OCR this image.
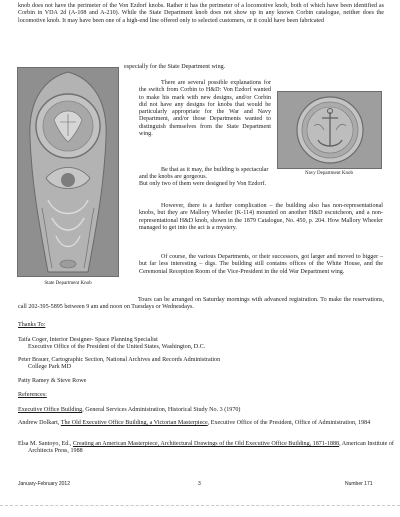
knob does not have the perimeter of the Von Ezdorf knobs. Rather it has the perimeter of a locomotive knob, both of which have been identified as Corbin in VDA 2d (A-108 and A-210). While the State Department knob does not show up in any known Corbin catalogue, neither does the locomotive knob. It may have been one of a high-end line offered only to selected customers, or it could have been fabricated

State Department Knob
Navy Department Knob

especially for the State Department wing.

There are several possible explanations for the switch from Corbin to H&D: Von Ezdorf wanted to make his mark with new designs, and/or Corbin did not have any designs for knobs that would be particularly appropriate for the War and Navy Department, and/or those Departments wanted to distinguish themselves from the State Department wing.

Be that as it may, the building is spectacular and the knobs are gorgeous.

But only two of them were designed by Von Ezdorf.

However, there is a further complication – the building also has non-representational knobs, but they are Mallory Wheeler (K-114) mounted on another H&D escutcheon, and a non-representational H&D knob, shown in the 1879 Catalogue, No. 450, p. 204. How Mallory Wheeler managed to get into the act is a mystery.

Of course, the various Departments, or their successors, got larger and moved to bigger – but far less interesting – digs. The building still contains offices of the White House, and the Ceremonial Reception Room of the Vice-President in the old War Department wing.

Tours can be arranged on Saturday mornings with advanced registration. To make the reservations, call 202-395-5895 between 9 am and noon on Tuesdays or Wednesdays.

Thanks To:
Taifa Coger, Interior Designer- Space Planning Specialist
Executive Office of the President of the United States, Washington, D.C.
Peter Brauer, Cartographic Section, National Archives and Records Administration
College Park MD
Patty Ramey & Steve Rowe
References:
Executive Office Building, General Services Administration, Historical Study No. 3 (1970)
Andrew Dolkart, The Old Executive Office Building, a Victorian Masterpiece, Executive Office of the President, Office of Administration, 1984
Elsa M. Santoyo, Ed., Creating an American Masterpiece, Architectural Drawings of the Old Executive Office Building, 1871-1888, American Institute of Architects Press, 1988
January-February 2012	3	Number 171
